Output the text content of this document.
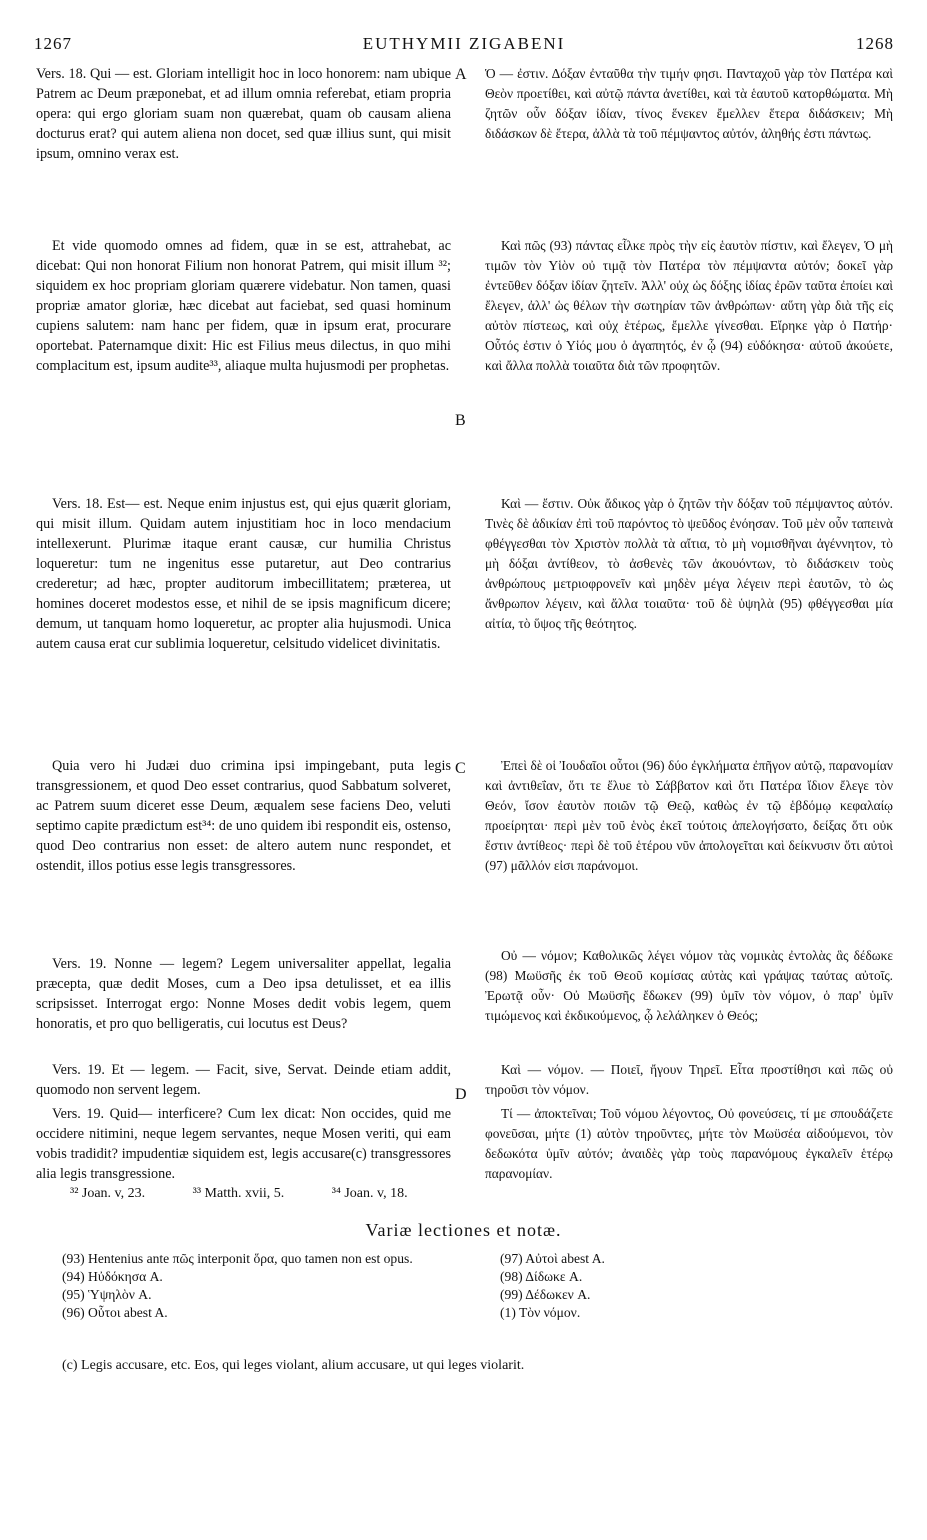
1267	EUTHYMII ZIGABENI	1268

Vers. 18. Qui — est. Gloriam intelligit hoc in loco honorem: nam ubique Patrem ac Deum præponebat, et ad illum omnia referebat, etiam propria opera: qui ergo gloriam suam non quærebat, quam ob causam aliena docturus erat? qui autem aliena non docet, sed quæ illius sunt, qui misit ipsum, omnino verax est.

Et vide quomodo omnes ad fidem, quæ in se est, attrahebat, ac dicebat: Qui non honorat Filium non honorat Patrem, qui misit illum ³²; siquidem ex hoc propriam gloriam quærere videbatur. Non tamen, quasi propriæ amator gloriæ, hæc dicebat aut faciebat, sed quasi hominum cupiens salutem: nam hanc per fidem, quæ in ipsum erat, procurare oportebat. Paternamque dixit: Hic est Filius meus dilectus, in quo mihi complacitum est, ipsum audite³³, aliaque multa hujusmodi per prophetas.

Vers. 18. Est— est. Neque enim injustus est, qui ejus quærit gloriam, qui misit illum. Quidam autem injustitiam hoc in loco mendacium intellexerunt. Plurimæ itaque erant causæ, cur humilia Christus loqueretur: tum ne ingenitus esse putaretur, aut Deo contrarius crederetur; ad hæc, propter auditorum imbecillitatem; præterea, ut homines doceret modestos esse, et nihil de se ipsis magnificum dicere; demum, ut tanquam homo loqueretur, ac propter alia hujusmodi. Unica autem causa erat cur sublimia loqueretur, celsitudo videlicet divinitatis.

Quia vero hi Judæi duo crimina ipsi impingebant, puta legis transgressionem, et quod Deo esset contrarius, quod Sabbatum solveret, ac Patrem suum diceret esse Deum, æqualem sese faciens Deo, veluti septimo capite prædictum est³⁴: de uno quidem ibi respondit eis, ostenso, quod Deo contrarius non esset: de altero autem nunc respondet, et ostendit, illos potius esse legis transgressores.

Vers. 19. Nonne — legem? Legem universaliter appellat, legalia præcepta, quæ dedit Moses, cum a Deo ipsa detulisset, et ea illis scripsisset. Interrogat ergo: Nonne Moses dedit vobis legem, quem honoratis, et pro quo belligeratis, cui locutus est Deus?

Vers. 19. Et — legem. — Facit, sive, Servat. Deinde etiam addit, quomodo non servent legem.

Vers. 19. Quid— interficere? Cum lex dicat: Non occides, quid me occidere nitimini, neque legem servantes, neque Mosen veriti, qui eam vobis tradidit? impudentiæ siquidem est, legis accusare(c) transgressores alia legis transgressione.

Ὁ — ἐστιν. Δόξαν ἐνταῦθα τὴν τιμήν φησι. Πανταχοῦ γὰρ τὸν Πατέρα καὶ Θεὸν προετίθει, καὶ αὐτῷ πάντα ἀνετίθει, καὶ τὰ ἑαυτοῦ κατορθώματα. Μὴ ζητῶν οὖν δόξαν ἰδίαν, τίνος ἕνεκεν ἔμελλεν ἕτερα διδάσκειν; Μὴ διδάσκων δὲ ἕτερα, ἀλλὰ τὰ τοῦ πέμψαντος αὐτόν, ἀληθής ἐστι πάντως.

Καὶ πῶς (93) πάντας εἷλκε πρὸς τὴν εἰς ἑαυτὸν πίστιν, καὶ ἔλεγεν, Ὁ μὴ τιμῶν τὸν Υἱὸν οὐ τιμᾷ τὸν Πατέρα τὸν πέμψαντα αὐτόν; δοκεῖ γὰρ ἐντεῦθεν δόξαν ἰδίαν ζητεῖν. Ἀλλ' οὐχ ὡς δόξης ἰδίας ἐρῶν ταῦτα ἐποίει καὶ ἔλεγεν, ἀλλ' ὡς θέλων τὴν σωτηρίαν τῶν ἀνθρώπων· αὕτη γὰρ διὰ τῆς εἰς αὐτὸν πίστεως, καὶ οὐχ ἑτέρως, ἔμελλε γίνεσθαι. Εἴρηκε γὰρ ὁ Πατήρ· Οὗτός ἐστιν ὁ Υἱός μου ὁ ἀγαπητός, ἐν ᾧ (94) εὐδόκησα· αὐτοῦ ἀκούετε, καὶ ἄλλα πολλὰ τοιαῦτα διὰ τῶν προφητῶν.

Καὶ — ἔστιν. Οὐκ ἄδικος γὰρ ὁ ζητῶν τὴν δόξαν τοῦ πέμψαντος αὐτόν. Τινὲς δὲ ἀδικίαν ἐπὶ τοῦ παρόντος τὸ ψεῦδος ἐνόησαν. Τοῦ μὲν οὖν ταπεινὰ φθέγγεσθαι τὸν Χριστὸν πολλὰ τὰ αἴτια, τὸ μὴ νομισθῆναι ἀγέννητον, τὸ μὴ δόξαι ἀντίθεον, τὸ ἀσθενὲς τῶν ἀκουόντων, τὸ διδάσκειν τοὺς ἀνθρώπους μετριοφρονεῖν καὶ μηδὲν μέγα λέγειν περὶ ἑαυτῶν, τὸ ὡς ἄνθρωπον λέγειν, καὶ ἄλλα τοιαῦτα· τοῦ δὲ ὑψηλὰ (95) φθέγγεσθαι μία αἰτία, τὸ ὕψος τῆς θεότητος.

Ἐπεὶ δὲ οἱ Ἰουδαῖοι οὗτοι (96) δύο ἐγκλήματα ἐπῆγον αὐτῷ, παρανομίαν καὶ ἀντιθεΐαν, ὅτι τε ἔλυε τὸ Σάββατον καὶ ὅτι Πατέρα ἴδιον ἔλεγε τὸν Θεόν, ἴσον ἑαυτὸν ποιῶν τῷ Θεῷ, καθὼς ἐν τῷ ἑβδόμῳ κεφαλαίῳ προείρηται· περὶ μὲν τοῦ ἑνὸς ἐκεῖ τούτοις ἀπελογήσατο, δείξας ὅτι οὐκ ἔστιν ἀντίθεος· περὶ δὲ τοῦ ἑτέρου νῦν ἀπολογεῖται καὶ δείκνυσιν ὅτι αὐτοὶ (97) μᾶλλόν εἰσι παράνομοι.

Οὐ — νόμον; Καθολικῶς λέγει νόμον τὰς νομικὰς ἐντολὰς ἃς δέδωκε (98) Μωϋσῆς ἐκ τοῦ Θεοῦ κομίσας αὐτὰς καὶ γράψας ταύτας αὐτοῖς. Ἐρωτᾷ οὖν· Οὐ Μωϋσῆς ἔδωκεν (99) ὑμῖν τὸν νόμον, ὁ παρ' ὑμῖν τιμώμενος καὶ ἐκδικούμενος, ᾧ λελάληκεν ὁ Θεός;

Καὶ — νόμον. — Ποιεῖ, ἤγουν Τηρεῖ. Εἶτα προστίθησι καὶ πῶς οὐ τηροῦσι τὸν νόμον.

Τί — ἀποκτεῖναι; Τοῦ νόμου λέγοντος, Οὐ φονεύσεις, τί με σπουδάζετε φονεῦσαι, μήτε (1) αὐτὸν τηροῦντες, μήτε τὸν Μωϋσέα αἰδούμενοι, τὸν δεδωκότα ὑμῖν αὐτόν; ἀναιδὲς γὰρ τοὺς παρανόμους ἐγκαλεῖν ἑτέρῳ παρανομίαν.

A
B
C
D
³² Joan. v, 23.	³³ Matth. xvii, 5.	³⁴ Joan. v, 18.
Variæ lectiones et notæ.
(93) Hentenius ante πῶς interponit ὅρα, quo tamen non est opus.
(94) Ηὐδόκησα A.
(95) Ὑψηλὸν A.
(96) Οὗτοι abest A.
(97) Αὐτοὶ abest A.
(98) Δίδωκε A.
(99) Δέδωκεν A.
(1) Τὸν νόμον.
(c) Legis accusare, etc. Eos, qui leges violant, alium accusare, ut qui leges violarit.
